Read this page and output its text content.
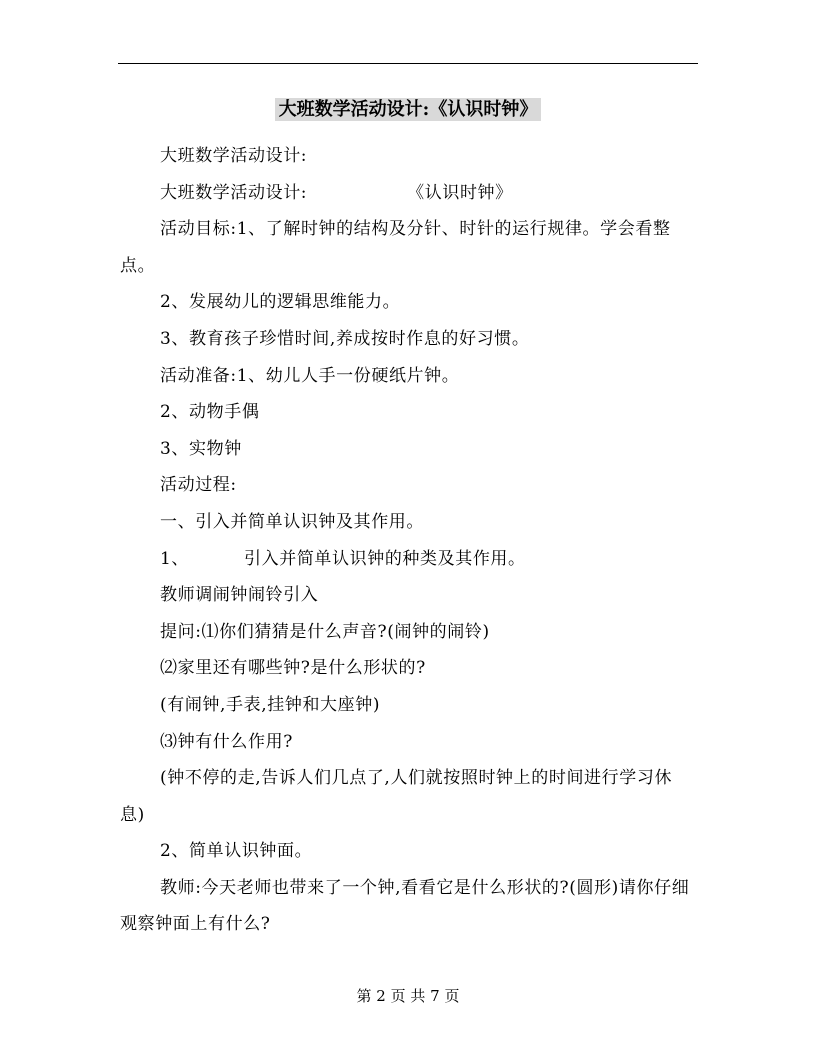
大班数学活动设计:《认识时钟》

大班数学活动设计:

大班数学活动设计:	《认识时钟》

活动目标:1、了解时钟的结构及分针、时针的运行规律。学会看整点。

2、发展幼儿的逻辑思维能力。

3、教育孩子珍惜时间,养成按时作息的好习惯。

活动准备:1、幼儿人手一份硬纸片钟。

2、动物手偶

3、实物钟

活动过程:

一、引入并简单认识钟及其作用。

1、	引入并简单认识钟的种类及其作用。

教师调闹钟闹铃引入

提问:⑴你们猜猜是什么声音?(闹钟的闹铃)

⑵家里还有哪些钟?是什么形状的?

(有闹钟,手表,挂钟和大座钟)

⑶钟有什么作用?

(钟不停的走,告诉人们几点了,人们就按照时钟上的时间进行学习休息)

2、简单认识钟面。

教师:今天老师也带来了一个钟,看看它是什么形状的?(圆形)请你仔细观察钟面上有什么?

第 2 页 共 7 页
